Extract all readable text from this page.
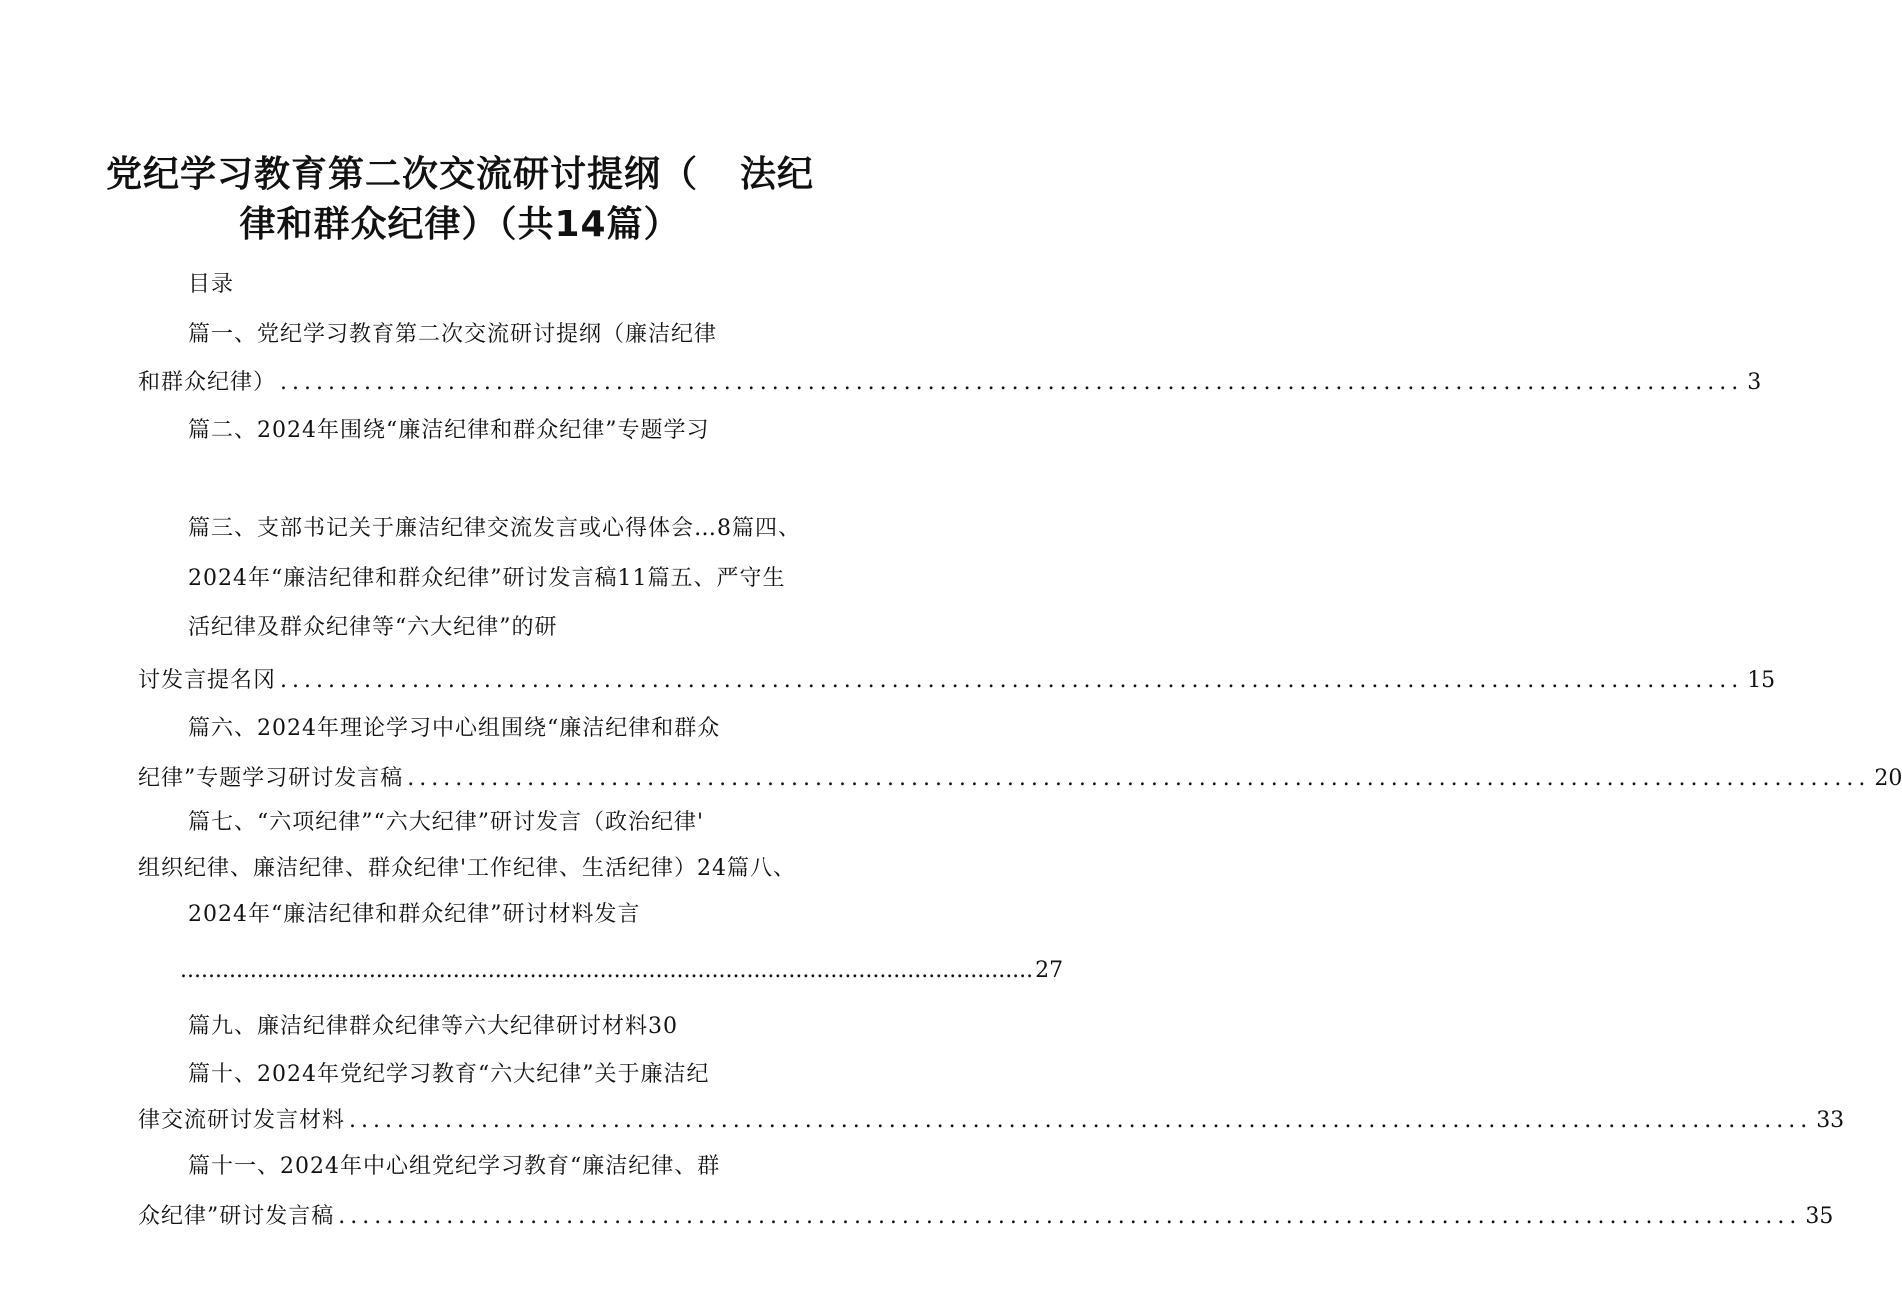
党纪学习教育第二次交流研讨提纲（ 法纪
律和群众纪律）（共14篇）
目录
篇一、党纪学习教育第二次交流研讨提纲（廉洁纪律
和群众纪律） .......................................................................................................................... 3
篇二、2024年围绕“廉洁纪律和群众纪律”专题学习
篇三、支部书记关于廉洁纪律交流发言或心得体会…8篇四、
2024年“廉洁纪律和群众纪律”研讨发言稿11篇五、严守生
活纪律及群众纪律等“六大纪律”的研
讨发言提名冈 .......................................................................................................................... 15
篇六、2024年理论学习中心组围绕“廉洁纪律和群众
纪律”专题学习研讨发言稿 .......................................................................................................................... 20
篇七、“六项纪律”“六大纪律”研讨发言（政治纪律'
组织纪律、廉洁纪律、群众纪律'工作纪律、生活纪律）24篇八、
2024年“廉洁纪律和群众纪律”研讨材料发言
.......................................................................................................................... 27
篇九、廉洁纪律群众纪律等六大纪律研讨材料30
篇十、2024年党纪学习教育“六大纪律”关于廉洁纪
律交流研讨发言材料 .......................................................................................................................... 33
篇十一、2024年中心组党纪学习教育“廉洁纪律、群
众纪律”研讨发言稿 .......................................................................................................................... 35
